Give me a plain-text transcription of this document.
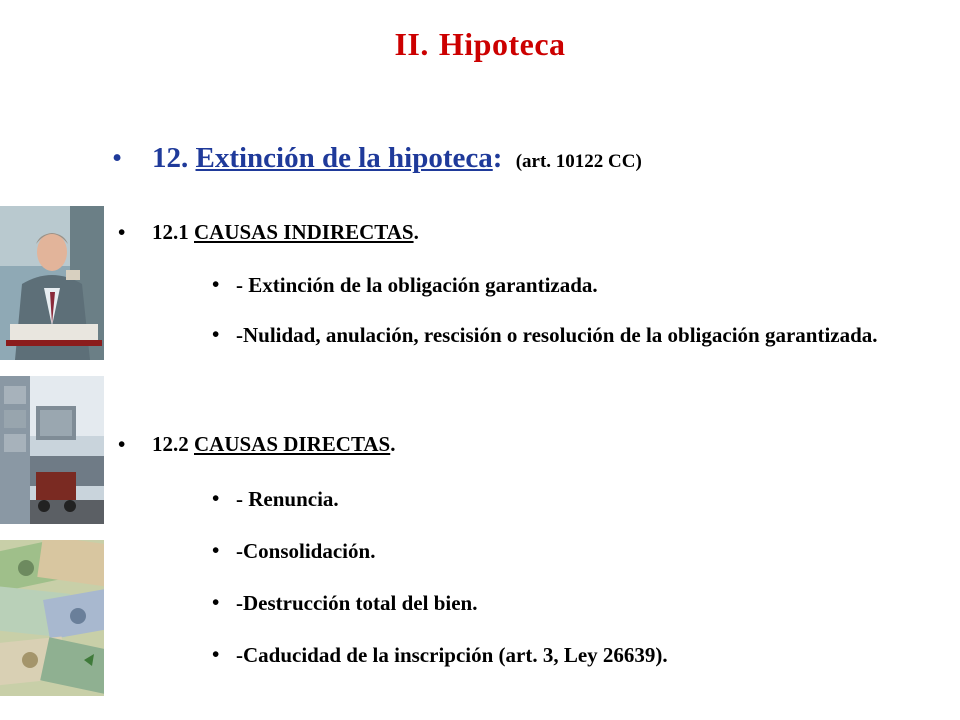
II. Hipoteca
• 12. Extinción de la hipoteca: (art. 10122 CC)
• 12.1 CAUSAS INDIRECTAS.
• - Extinción de la obligación garantizada.
• -Nulidad, anulación, rescisión o resolución de la obligación garantizada.
• 12.2 CAUSAS DIRECTAS.
• - Renuncia.
• -Consolidación.
• -Destrucción total del bien.
• -Caducidad de la inscripción (art. 3, Ley 26639).
